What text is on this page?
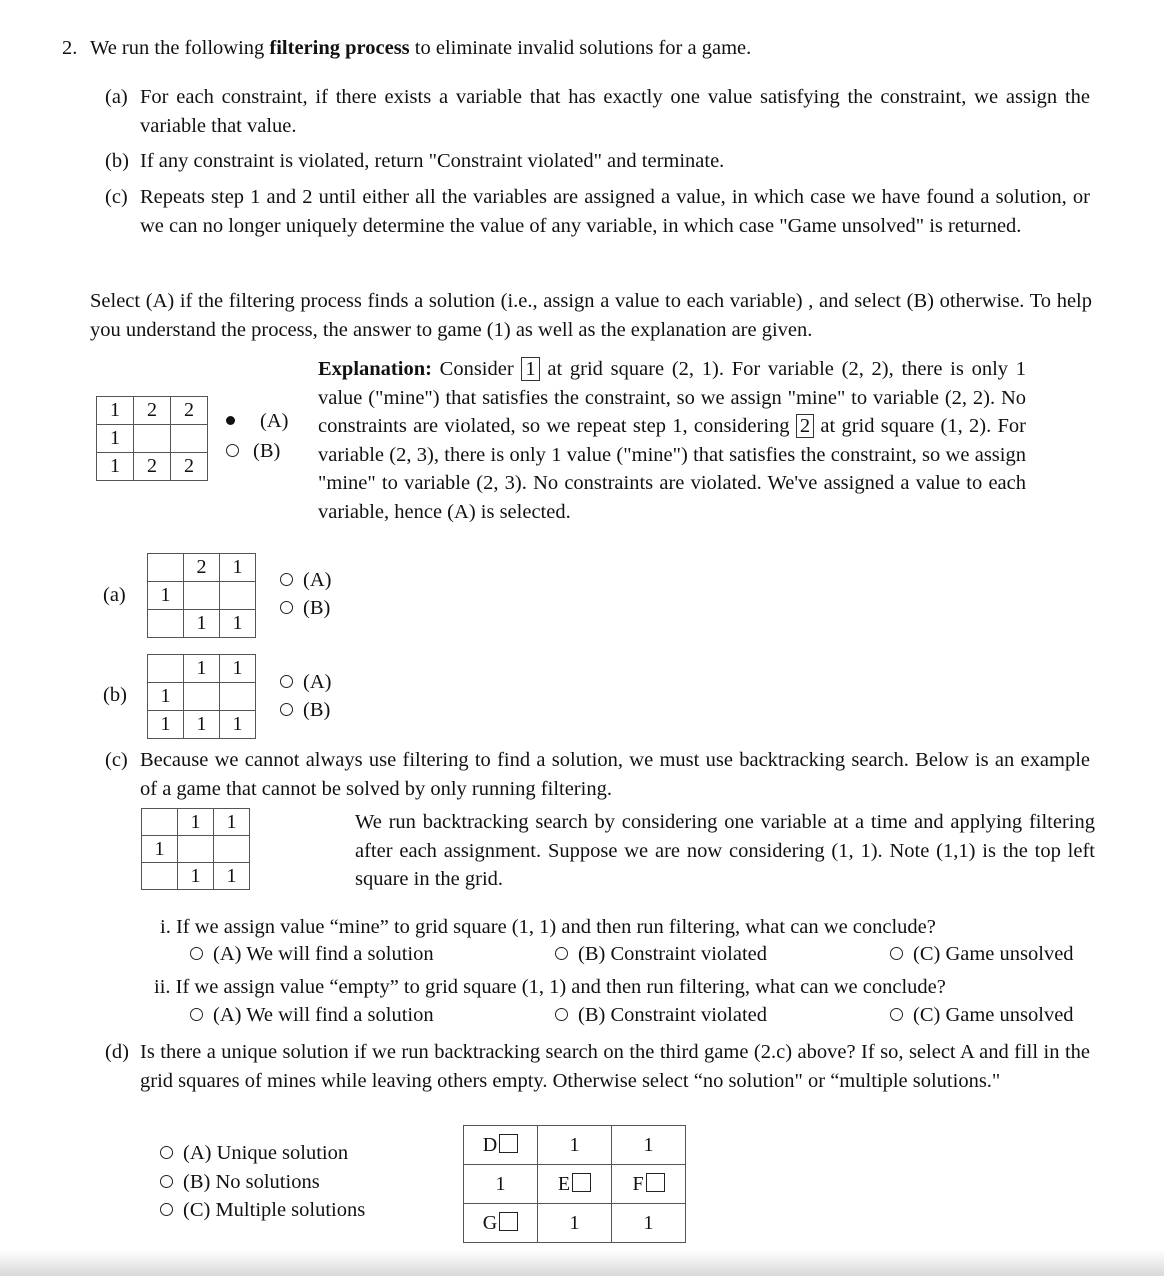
2. We run the following filtering process to eliminate invalid solutions for a game.
(a) For each constraint, if there exists a variable that has exactly one value satisfying the constraint, we assign the variable that value.
(b) If any constraint is violated, return "Constraint violated" and terminate.
(c) Repeats step 1 and 2 until either all the variables are assigned a value, in which case we have found a solution, or we can no longer uniquely determine the value of any variable, in which case "Game unsolved" is returned.
Select (A) if the filtering process finds a solution (i.e., assign a value to each variable) , and select (B) otherwise. To help you understand the process, the answer to game (1) as well as the explanation are given.
1	2	2
1		
1	2	2
(A)
(B)
Explanation: Consider 1 at grid square (2, 1). For variable (2, 2), there is only 1 value ("mine") that satisfies the constraint, so we assign "mine" to variable (2, 2). No constraints are violated, so we repeat step 1, considering 2 at grid square (1, 2). For variable (2, 3), there is only 1 value ("mine") that satisfies the constraint, so we assign "mine" to variable (2, 3). No constraints are violated. We've assigned a value to each variable, hence (A) is selected.
(a)
	2	1
1		
	1	1
(A)
(B)
(b)
	1	1
1		
1	1	1
(A)
(B)
(c) Because we cannot always use filtering to find a solution, we must use backtracking search. Below is an example of a game that cannot be solved by only running filtering.
	1	1
1		
	1	1
We run backtracking search by considering one variable at a time and applying filtering after each assignment. Suppose we are now considering (1, 1). Note (1,1) is the top left square in the grid.
i. If we assign value “mine” to grid square (1, 1) and then run filtering, what can we conclude?
(A) We will find a solution	(B) Constraint violated	(C) Game unsolved
ii. If we assign value “empty” to grid square (1, 1) and then run filtering, what can we conclude?
(A) We will find a solution	(B) Constraint violated	(C) Game unsolved
(d) Is there a unique solution if we run backtracking search on the third game (2.c) above? If so, select A and fill in the grid squares of mines while leaving others empty. Otherwise select “no solution" or “multiple solutions."
(A) Unique solution
(B) No solutions
(C) Multiple solutions
D	1	1
1	E	F
G	1	1
